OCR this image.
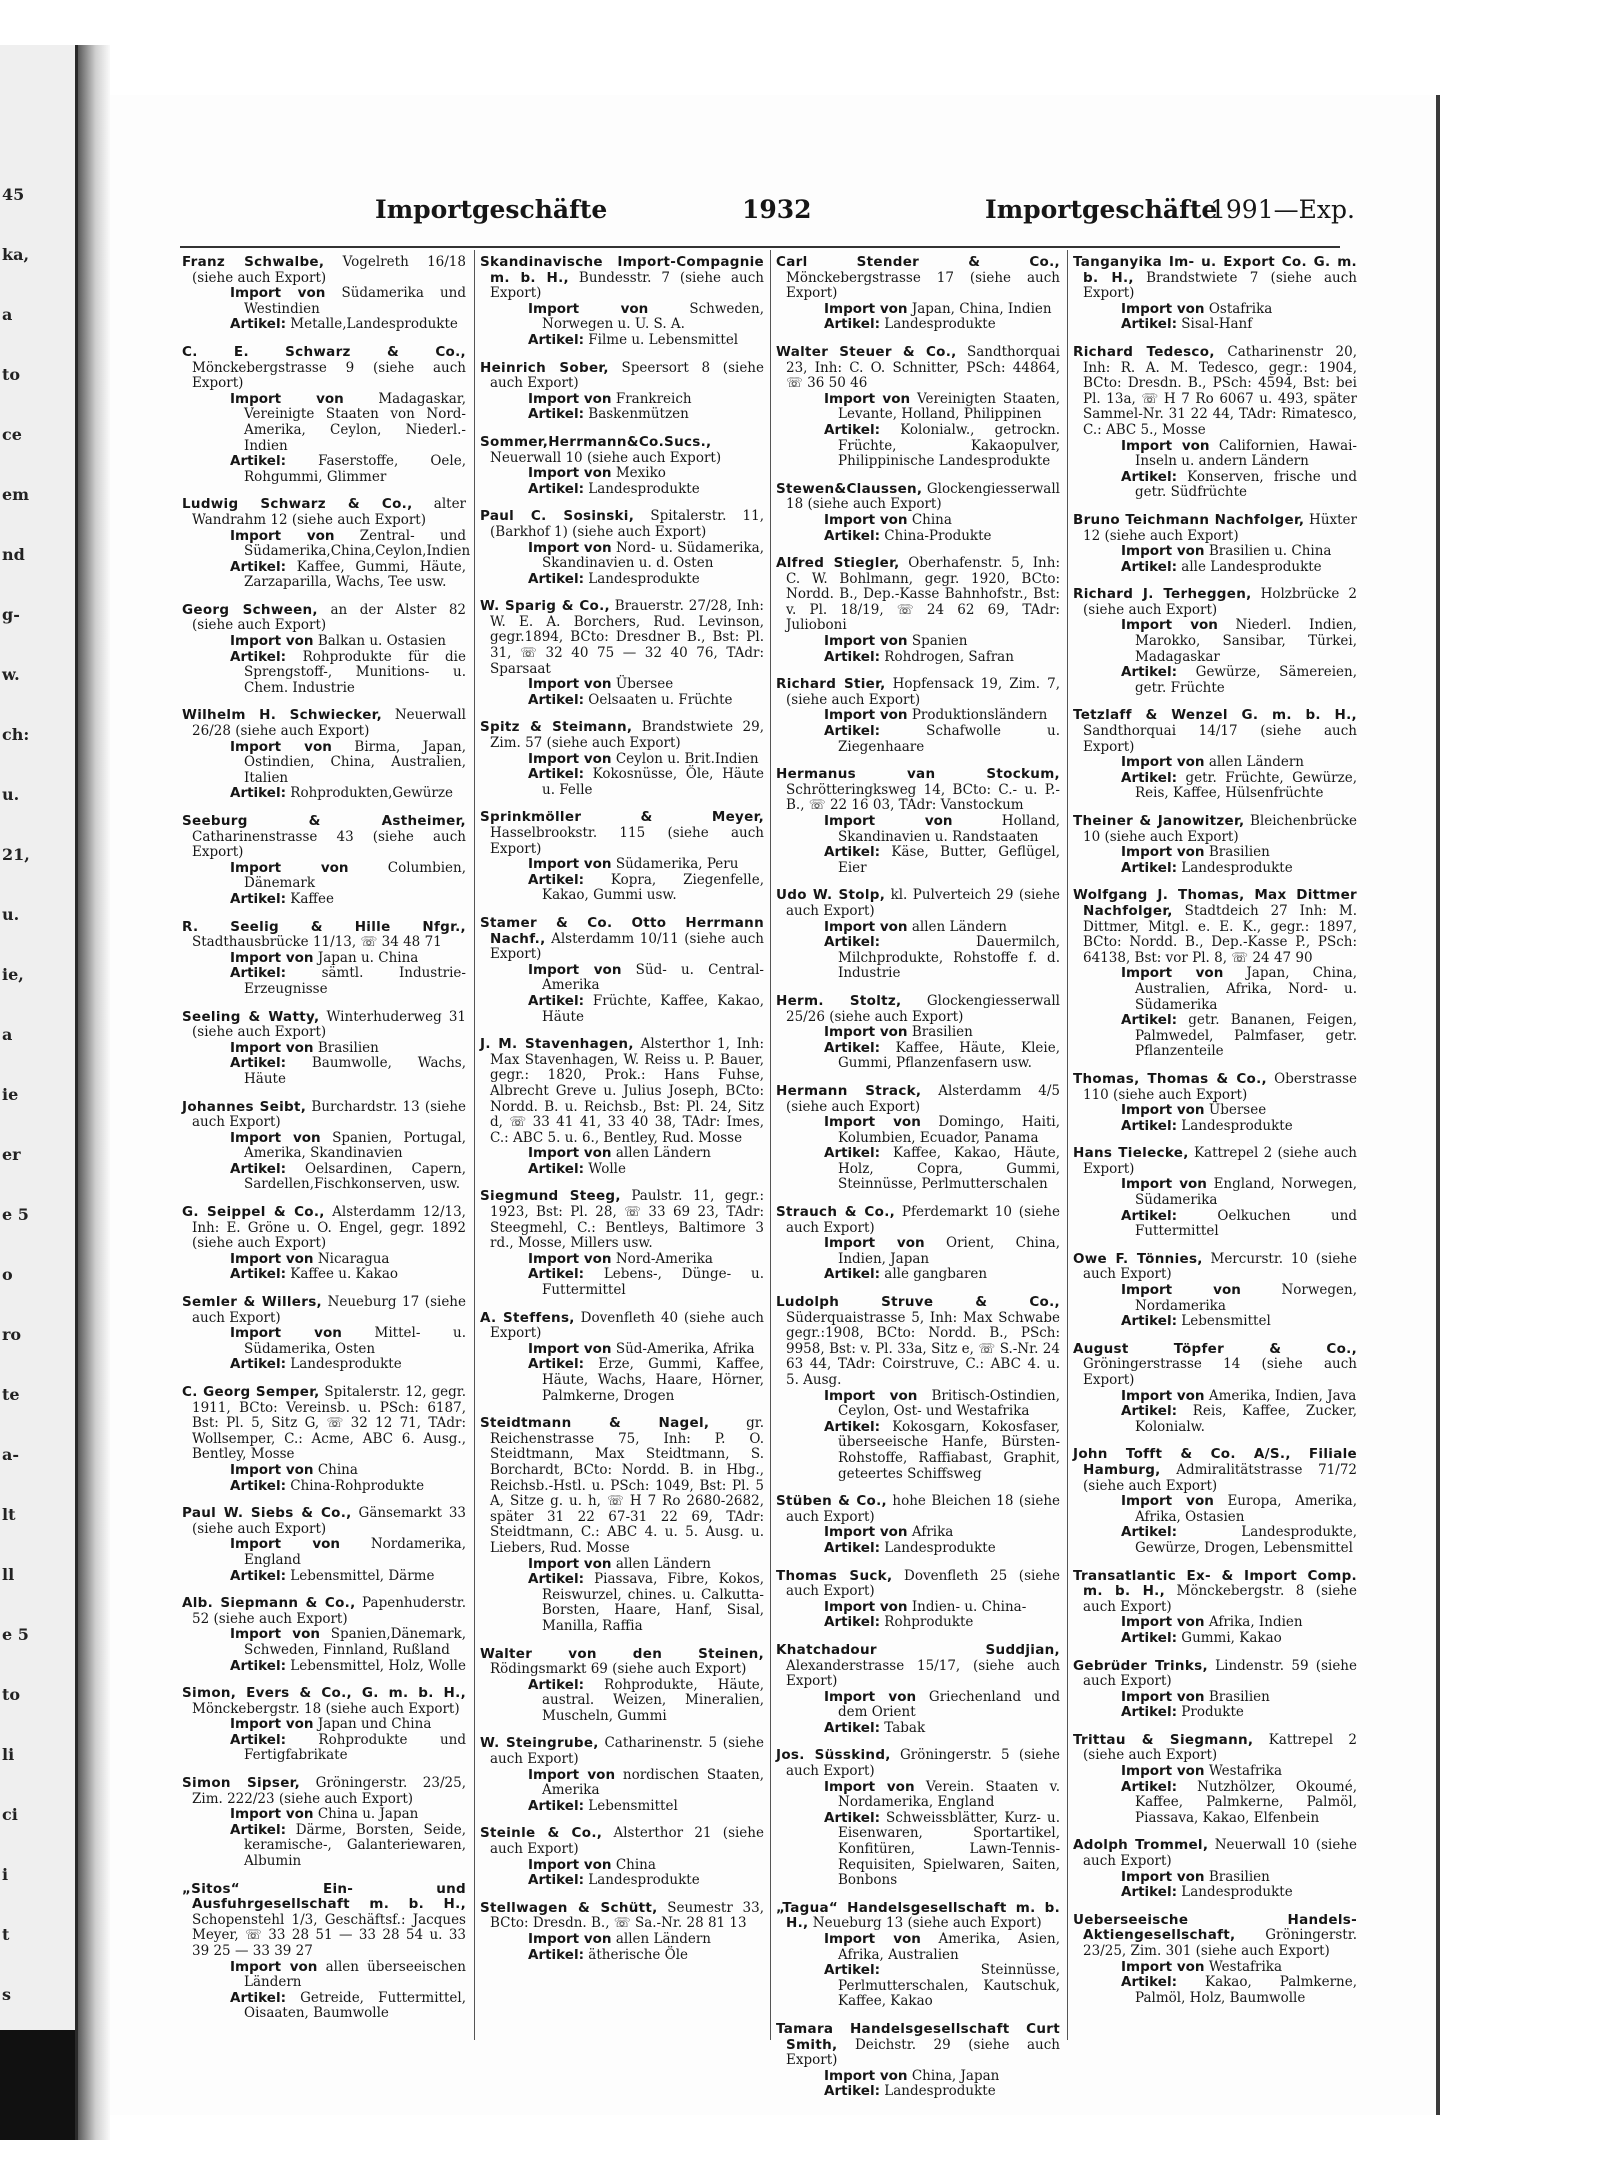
45
ka,
a
to
ce
em
nd
g-
w.
ch:
u.
21,
u.
ie,
a
ie
er
e 5
o
ro
te
a-
lt
ll
e 5
to
li
ci
i
t
s
Importgeschäfte	1932	Importgeschäfte
1991—Exp.

Franz Schwalbe, Vogelreth 16/18 (siehe auch Export)

Import von Südamerika und Westindien

Artikel: Metalle,Landesprodukte

C. E. Schwarz & Co., Mönckebergstrasse 9 (siehe auch Export)

Import von	Madagaskar, Vereinigte Staaten von Nord-Amerika, Ceylon, Niederl.-Indien

Artikel: Faserstoffe, Oele, Rohgummi, Glimmer

Ludwig Schwarz & Co., alter Wandrahm 12 (siehe auch Export)

Import von Zentral- und Südamerika,China,Ceylon,Indien

Artikel: Kaffee, Gummi, Häute, Zarzaparilla, Wachs, Tee usw.

Georg Schween, an der Alster 82 (siehe auch Export)

Import von Balkan u. Ostasien

Artikel: Rohprodukte für die Sprengstoff-, Munitions- u. Chem. Industrie

Wilhelm H. Schwiecker, Neuerwall 26/28 (siehe auch Export)

Import von Birma, Japan, Ostindien, China, Australien, Italien

Artikel: Rohprodukten,Gewürze

Seeburg & Astheimer, Catharinenstrasse 43 (siehe auch Export)

Import von	Columbien, Dänemark

Artikel: Kaffee

R. Seelig & Hille Nfgr., Stadthausbrücke 11/13, ☏ 34 48 71

Import von Japan u. China

Artikel:	sämtl. Industrie-Erzeugnisse

Seeling & Watty, Winterhuderweg 31 (siehe auch Export)

Import von Brasilien

Artikel: Baumwolle, Wachs, Häute

Johannes Seibt, Burchardstr. 13 (siehe auch Export)

Import von Spanien, Portugal, Amerika, Skandinavien

Artikel: Oelsardinen, Capern, Sardellen,Fischkonserven, usw.

G. Seippel & Co., Alsterdamm 12/13, Inh: E. Gröne u. O. Engel, gegr. 1892 (siehe auch Export)

Import von Nicaragua

Artikel: Kaffee u. Kakao

Semler & Willers, Neueburg 17 (siehe auch Export)

Import von Mittel- u. Südamerika, Osten

Artikel: Landesprodukte

C. Georg Semper, Spitalerstr. 12, gegr. 1911, BCto: Vereinsb. u. PSch: 6187, Bst: Pl. 5, Sitz G, ☏ 32 12 71, TAdr: Wollsemper, C.: Acme, ABC 6. Ausg., Bentley, Mosse

Import von China

Artikel: China-Rohprodukte

Paul W. Siebs & Co., Gänsemarkt 33 (siehe auch Export)

Import von Nordamerika, England

Artikel: Lebensmittel, Därme

Alb. Siepmann & Co., Papenhuderstr. 52 (siehe auch Export)

Import von Spanien,Dänemark, Schweden, Finnland, Rußland

Artikel: Lebensmittel, Holz, Wolle

Simon, Evers & Co., G. m. b. H., Mönckebergstr. 18 (siehe auch Export)

Import von Japan und China

Artikel: Rohprodukte und Fertigfabrikate

Simon Sipser, Gröningerstr. 23/25, Zim. 222/23 (siehe auch Export)

Import von China u. Japan

Artikel: Därme, Borsten, Seide, keramische-, Galanteriewaren, Albumin

„Sitos“ Ein- und Ausfuhrgesellschaft m. b. H., Schopenstehl 1/3, Geschäftsf.: Jacques Meyer, ☏ 33 28 51 — 33 28 54 u. 33 39 25 — 33 39 27

Import von allen überseeischen Ländern

Artikel: Getreide, Futtermittel, Oisaaten, Baumwolle

Skandinavische Import-Compagnie m. b. H., Bundesstr. 7 (siehe auch Export)

Import von	Schweden, Norwegen u. U. S. A.

Artikel: Filme u. Lebensmittel

Heinrich Sober, Speersort 8 (siehe auch Export)

Import von Frankreich

Artikel: Baskenmützen

Sommer,Herrmann&Co.Sucs., Neuerwall 10 (siehe auch Export)

Import von Mexiko

Artikel: Landesprodukte

Paul C. Sosinski, Spitalerstr. 11, (Barkhof 1) (siehe auch Export)

Import von Nord- u. Südamerika, Skandinavien u. d. Osten

Artikel: Landesprodukte

W. Sparig & Co., Brauerstr. 27/28, Inh: W. E. A. Borchers, Rud. Levinson, gegr.1894, BCto: Dresdner B., Bst: Pl. 31, ☏ 32 40 75 — 32 40 76, TAdr: Sparsaat

Import von Übersee

Artikel: Oelsaaten u. Früchte

Spitz & Steimann, Brandstwiete 29, Zim. 57 (siehe auch Export)

Import von Ceylon u. Brit.Indien

Artikel: Kokosnüsse, Öle, Häute u. Felle

Sprinkmöller & Meyer, Hasselbrookstr. 115 (siehe auch Export)

Import von Südamerika, Peru

Artikel: Kopra, Ziegenfelle, Kakao, Gummi usw.

Stamer & Co. Otto Herrmann Nachf., Alsterdamm 10/11 (siehe auch Export)

Import von Süd- u. Central-Amerika

Artikel: Früchte, Kaffee, Kakao, Häute

J. M. Stavenhagen, Alsterthor 1, Inh: Max Stavenhagen, W. Reiss u. P. Bauer, gegr.: 1820, Prok.: Hans Fuhse, Albrecht Greve u. Julius Joseph, BCto: Nordd. B. u. Reichsb., Bst: Pl. 24, Sitz d, ☏ 33 41 41, 33 40 38, TAdr: Imes, C.: ABC 5. u. 6., Bentley, Rud. Mosse

Import von allen Ländern

Artikel: Wolle

Siegmund Steeg, Paulstr. 11, gegr.: 1923, Bst: Pl. 28, ☏ 33 69 23, TAdr: Steegmehl, C.: Bentleys, Baltimore 3 rd., Mosse, Millers usw.

Import von Nord-Amerika

Artikel: Lebens-, Dünge- u. Futtermittel

A. Steffens, Dovenfleth 40 (siehe auch Export)

Import von Süd-Amerika, Afrika

Artikel: Erze, Gummi, Kaffee, Häute, Wachs, Haare, Hörner, Palmkerne, Drogen

Steidtmann & Nagel,	gr. Reichenstrasse 75, Inh: P. O. Steidtmann, Max Steidtmann, S. Borchardt, BCto: Nordd. B. in Hbg., Reichsb.-Hstl. u. PSch: 1049, Bst: Pl. 5 A, Sitze g. u. h, ☏ H 7 Ro 2680-2682, später 31 22 67-31 22 69, TAdr: Steidtmann, C.: ABC 4. u. 5. Ausg. u. Liebers, Rud. Mosse

Import von allen Ländern

Artikel: Piassava, Fibre, Kokos, Reiswurzel, chines. u. Calkutta-Borsten, Haare, Hanf, Sisal, Manilla, Raffia

Walter von den Steinen, Rödingsmarkt 69 (siehe auch Export)

Artikel: Rohprodukte, Häute, austral. Weizen, Mineralien, Muscheln, Gummi

W. Steingrube, Catharinenstr. 5 (siehe auch Export)

Import von nordischen Staaten, Amerika

Artikel: Lebensmittel

Steinle & Co., Alsterthor 21 (siehe auch Export)

Import von China

Artikel: Landesprodukte

Stellwagen & Schütt, Seumestr 33, BCto: Dresdn. B., ☏ Sa.-Nr. 28 81 13

Import von allen Ländern

Artikel: ätherische Öle

Carl Stender & Co., Mönckebergstrasse 17 (siehe auch Export)

Import von Japan, China, Indien

Artikel: Landesprodukte

Walter Steuer & Co., Sandthorquai 23, Inh: C. O. Schnitter, PSch: 44864, ☏ 36 50 46

Import von Vereinigten Staaten, Levante, Holland, Philippinen

Artikel: Kolonialw., getrockn. Früchte, Kakaopulver, Philippinische Landesprodukte

Stewen&Claussen, Glockengiesserwall 18 (siehe auch Export)

Import von China

Artikel: China-Produkte

Alfred Stiegler, Oberhafenstr. 5, Inh: C. W. Bohlmann, gegr. 1920, BCto: Nordd. B., Dep.-Kasse Bahnhofstr., Bst: v. Pl. 18/19, ☏ 24 62 69, TAdr: Julioboni

Import von Spanien

Artikel: Rohdrogen, Safran

Richard Stier, Hopfensack 19, Zim. 7, (siehe auch Export)

Import von Produktionsländern

Artikel:	Schafwolle u. Ziegenhaare

Hermanus van Stockum, Schrötteringksweg 14, BCto: C.- u. P.-B., ☏ 22 16 03, TAdr: Vanstockum

Import von	Holland, Skandinavien u. Randstaaten

Artikel: Käse, Butter, Geflügel, Eier

Udo W. Stolp, kl. Pulverteich 29 (siehe auch Export)

Import von allen Ländern

Artikel:	Dauermilch, Milchprodukte, Rohstoffe f. d. Industrie

Herm. Stoltz, Glockengiesserwall 25/26 (siehe auch Export)

Import von Brasilien

Artikel: Kaffee, Häute, Kleie, Gummi, Pflanzenfasern usw.

Hermann Strack, Alsterdamm 4/5 (siehe auch Export)

Import von Domingo, Haiti, Kolumbien, Ecuador, Panama

Artikel: Kaffee, Kakao, Häute, Holz, Copra, Gummi, Steinnüsse, Perlmutterschalen

Strauch & Co., Pferdemarkt 10 (siehe auch Export)

Import von Orient, China, Indien, Japan

Artikel: alle gangbaren

Ludolph Struve & Co., Süderquaistrasse 5, Inh: Max Schwabe gegr.:1908, BCto: Nordd. B., PSch: 9958, Bst: v. Pl. 33a, Sitz e, ☏ S.-Nr. 24 63 44, TAdr: Coirstruve, C.: ABC 4. u. 5. Ausg.

Import von Britisch-Ostindien, Ceylon, Ost- und Westafrika

Artikel: Kokosgarn, Kokosfaser, überseeische Hanfe, Bürsten-Rohstoffe, Raffiabast, Graphit, geteertes Schiffsweg

Stüben & Co., hohe Bleichen 18 (siehe auch Export)

Import von Afrika

Artikel: Landesprodukte

Thomas Suck, Dovenfleth 25 (siehe auch Export)

Import von Indien- u. China-

Artikel: Rohprodukte

Khatchadour Suddjian, Alexanderstrasse 15/17, (siehe auch Export)

Import von Griechenland und dem Orient

Artikel: Tabak

Jos. Süsskind, Gröningerstr. 5 (siehe auch Export)

Import von Verein. Staaten v. Nordamerika, England

Artikel: Schweissblätter, Kurz- u. Eisenwaren, Sportartikel, Konfitüren, Lawn-Tennis-Requisiten, Spielwaren, Saiten, Bonbons

„Tagua“ Handelsgesellschaft m. b. H., Neueburg 13 (siehe auch Export)

Import von Amerika, Asien, Afrika, Australien

Artikel:	Steinnüsse, Perlmutterschalen, Kautschuk, Kaffee, Kakao

Tamara Handelsgesellschaft Curt Smith, Deichstr. 29 (siehe auch Export)

Import von China, Japan

Artikel: Landesprodukte

Tanganyika Im- u. Export Co. G. m. b. H., Brandstwiete 7 (siehe auch Export)

Import von Ostafrika

Artikel: Sisal-Hanf

Richard Tedesco, Catharinenstr 20, Inh: R. A. M. Tedesco, gegr.: 1904, BCto: Dresdn. B., PSch: 4594, Bst: bei Pl. 13a, ☏ H 7 Ro 6067 u. 493, später Sammel-Nr. 31 22 44, TAdr: Rimatesco, C.: ABC 5., Mosse

Import von Californien, Hawai-Inseln u. andern Ländern

Artikel: Konserven, frische und getr. Südfrüchte

Bruno Teichmann Nachfolger, Hüxter 12 (siehe auch Export)

Import von Brasilien u. China

Artikel: alle Landesprodukte

Richard J. Terheggen, Holzbrücke 2 (siehe auch Export)

Import von Niederl. Indien, Marokko, Sansibar, Türkei, Madagaskar

Artikel: Gewürze, Sämereien, getr. Früchte

Tetzlaff & Wenzel G. m. b. H., Sandthorquai 14/17 (siehe auch Export)

Import von allen Ländern

Artikel: getr. Früchte, Gewürze, Reis, Kaffee, Hülsenfrüchte

Theiner & Janowitzer, Bleichenbrücke 10 (siehe auch Export)

Import von Brasilien

Artikel: Landesprodukte

Wolfgang J. Thomas, Max Dittmer Nachfolger, Stadtdeich 27 Inh: M. Dittmer, Mitgl. e. E. K., gegr.: 1897, BCto: Nordd. B., Dep.-Kasse P., PSch: 64138, Bst: vor Pl. 8, ☏ 24 47 90

Import von Japan, China, Australien, Afrika, Nord- u. Südamerika

Artikel: getr. Bananen, Feigen, Palmwedel, Palmfaser, getr. Pflanzenteile

Thomas, Thomas & Co., Oberstrasse 110 (siehe auch Export)

Import von Übersee

Artikel: Landesprodukte

Hans Tielecke, Kattrepel 2 (siehe auch Export)

Import von England, Norwegen, Südamerika

Artikel:	Oelkuchen und Futtermittel

Owe F. Tönnies, Mercurstr. 10 (siehe auch Export)

Import von	Norwegen, Nordamerika

Artikel: Lebensmittel

August Töpfer & Co., Gröningerstrasse 14 (siehe auch Export)

Import von Amerika, Indien, Java

Artikel: Reis, Kaffee, Zucker, Kolonialw.

John Tofft & Co. A/S., Filiale Hamburg, Admiralitätstrasse 71/72 (siehe auch Export)

Import von Europa, Amerika, Afrika, Ostasien

Artikel:	Landesprodukte, Gewürze, Drogen, Lebensmittel

Transatlantic Ex- & Import Comp. m. b. H., Mönckebergstr. 8 (siehe auch Export)

Import von Afrika, Indien

Artikel: Gummi, Kakao

Gebrüder Trinks, Lindenstr. 59 (siehe auch Export)

Import von Brasilien

Artikel: Produkte

Trittau & Siegmann, Kattrepel 2 (siehe auch Export)

Import von Westafrika

Artikel: Nutzhölzer, Okoumé, Kaffee, Palmkerne, Palmöl, Piassava, Kakao, Elfenbein

Adolph Trommel, Neuerwall 10 (siehe auch Export)

Import von Brasilien

Artikel: Landesprodukte

Ueberseeische Handels-Aktiengesellschaft, Gröningerstr. 23/25, Zim. 301 (siehe auch Export)

Import von Westafrika

Artikel: Kakao, Palmkerne, Palmöl, Holz, Baumwolle
